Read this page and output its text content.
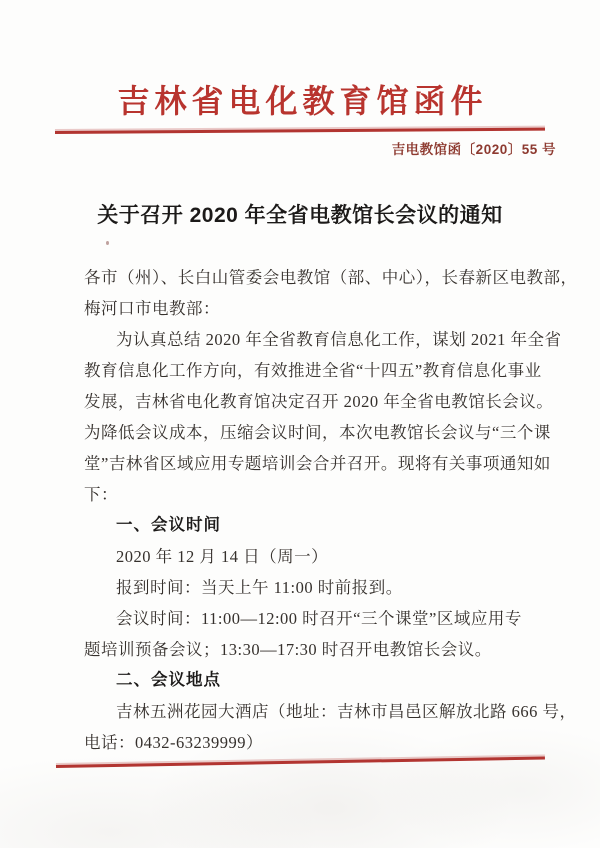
吉林省电化教育馆函件
吉电教馆函〔2020〕55 号
关于召开 2020 年全省电教馆长会议的通知
各市（州）、长白山管委会电教馆（部、中心），长春新区电教部，
梅河口市电教部：
为认真总结 2020 年全省教育信息化工作，谋划 2021 年全省
教育信息化工作方向，有效推进全省“十四五”教育信息化事业
发展，吉林省电化教育馆决定召开 2020 年全省电教馆长会议。
为降低会议成本，压缩会议时间，本次电教馆长会议与“三个课
堂”吉林省区域应用专题培训会合并召开。现将有关事项通知如
下：
一、会议时间
2020 年 12 月 14 日（周一）
报到时间：当天上午 11:00 时前报到。
会议时间：11:00—12:00 时召开“三个课堂”区域应用专
题培训预备会议；13:30—17:30 时召开电教馆长会议。
二、会议地点
吉林五洲花园大酒店（地址：吉林市昌邑区解放北路 666 号，
电话：0432-63239999）
